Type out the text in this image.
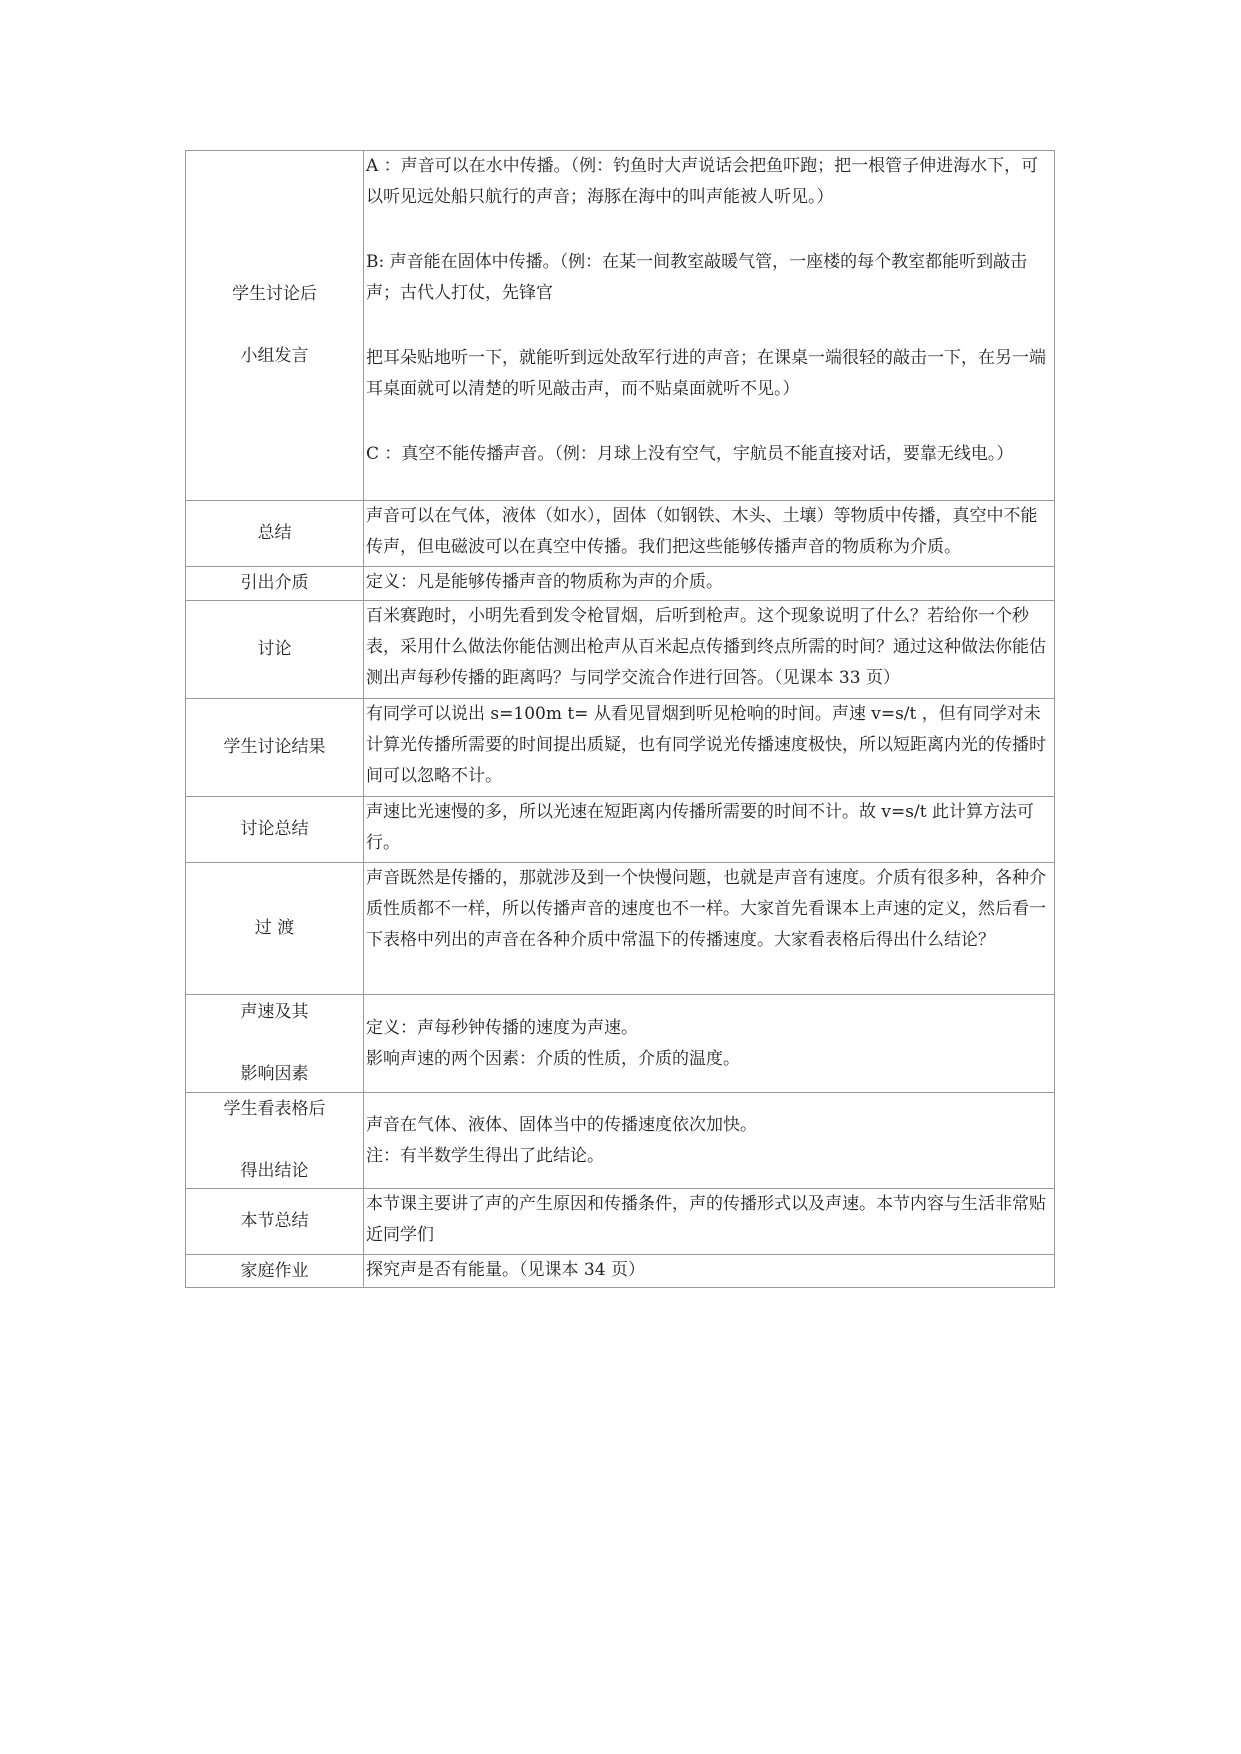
学生讨论后
小组发言	A ：声音可以在水中传播。（例：钓鱼时大声说话会把鱼吓跑；把一根管子伸进海水下，可以听见远处船只航行的声音；海豚在海中的叫声能被人听见。）
B: 声音能在固体中传播。（例：在某一间教室敲暖气管，一座楼的每个教室都能听到敲击声；古代人打仗，先锋官
把耳朵贴地听一下，就能听到远处敌军行进的声音；在课桌一端很轻的敲击一下，在另一端耳桌面就可以清楚的听见敲击声，而不贴桌面就听不见。）
C ：真空不能传播声音。（例：月球上没有空气，宇航员不能直接对话，要靠无线电。）

总结	声音可以在气体，液体（如水），固体（如钢铁、木头、土壤）等物质中传播，真空中不能传声，但电磁波可以在真空中传播。我们把这些能够传播声音的物质称为介质。

引出介质	定义：凡是能够传播声音的物质称为声的介质。

讨论	百米赛跑时，小明先看到发令枪冒烟，后听到枪声。这个现象说明了什么？若给你一个秒表，采用什么做法你能估测出枪声从百米起点传播到终点所需的时间？通过这种做法你能估测出声每秒传播的距离吗？与同学交流合作进行回答。（见课本 33 页）

学生讨论结果	有同学可以说出 s=100m t= 从看见冒烟到听见枪响的时间。声速 v=s/t ，但有同学对未计算光传播所需要的时间提出质疑，也有同学说光传播速度极快，所以短距离内光的传播时间可以忽略不计。

讨论总结	声速比光速慢的多，所以光速在短距离内传播所需要的时间不计。故 v=s/t 此计算方法可行。

过 渡	声音既然是传播的，那就涉及到一个快慢问题，也就是声音有速度。介质有很多种，各种介质性质都不一样，所以传播声音的速度也不一样。大家首先看课本上声速的定义，然后看一下表格中列出的声音在各种介质中常温下的传播速度。大家看表格后得出什么结论？

声速及其
影响因素	定义：声每秒钟传播的速度为声速。
影响声速的两个因素：介质的性质，介质的温度。

学生看表格后
得出结论	声音在气体、液体、固体当中的传播速度依次加快。
注：有半数学生得出了此结论。

本节总结	本节课主要讲了声的产生原因和传播条件，声的传播形式以及声速。本节内容与生活非常贴近同学们

家庭作业	探究声是否有能量。（见课本 34 页）
